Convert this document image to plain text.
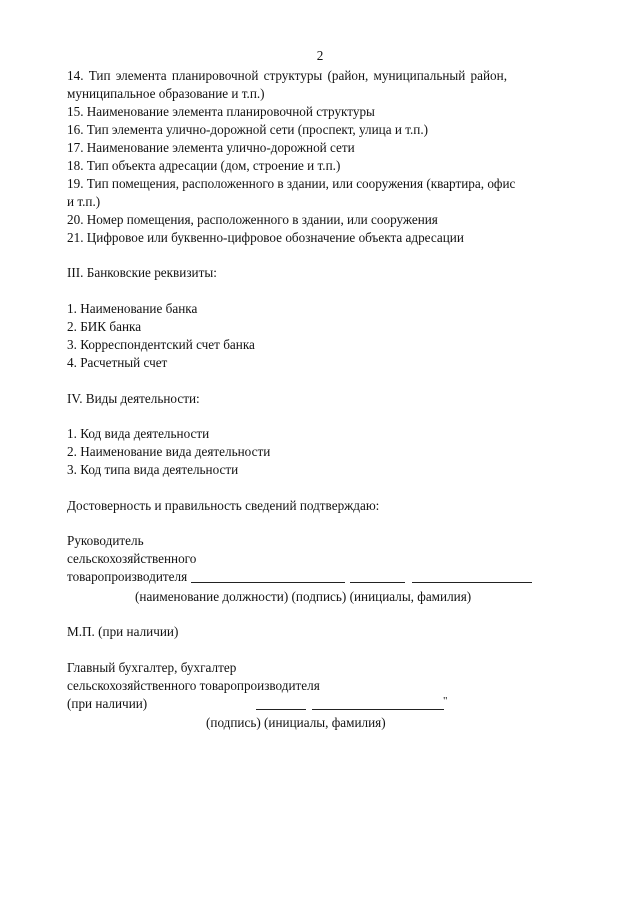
2
14. Тип элемента планировочной структуры (район, муниципальный район,
муниципальное образование и т.п.)
15. Наименование элемента планировочной структуры
16. Тип элемента улично-дорожной сети (проспект, улица и т.п.)
17. Наименование элемента улично-дорожной сети
18. Тип объекта адресации (дом, строение и т.п.)
19. Тип помещения, расположенного в здании, или сооружения (квартира, офис
и т.п.)
20. Номер помещения, расположенного в здании, или сооружения
21. Цифровое или буквенно-цифровое обозначение объекта адресации
III. Банковские реквизиты:
1. Наименование банка
2. БИК банка
3. Корреспондентский счет банка
4. Расчетный счет
IV. Виды деятельности:
1. Код вида деятельности
2. Наименование вида деятельности
3. Код типа вида деятельности
Достоверность и правильность сведений подтверждаю:
Руководитель
сельскохозяйственного
товаропроизводителя
(наименование должности) (подпись) (инициалы, фамилия)
М.П. (при наличии)
Главный бухгалтер, бухгалтер
сельскохозяйственного товаропроизводителя
(при наличии)	"
(подпись) (инициалы, фамилия)
